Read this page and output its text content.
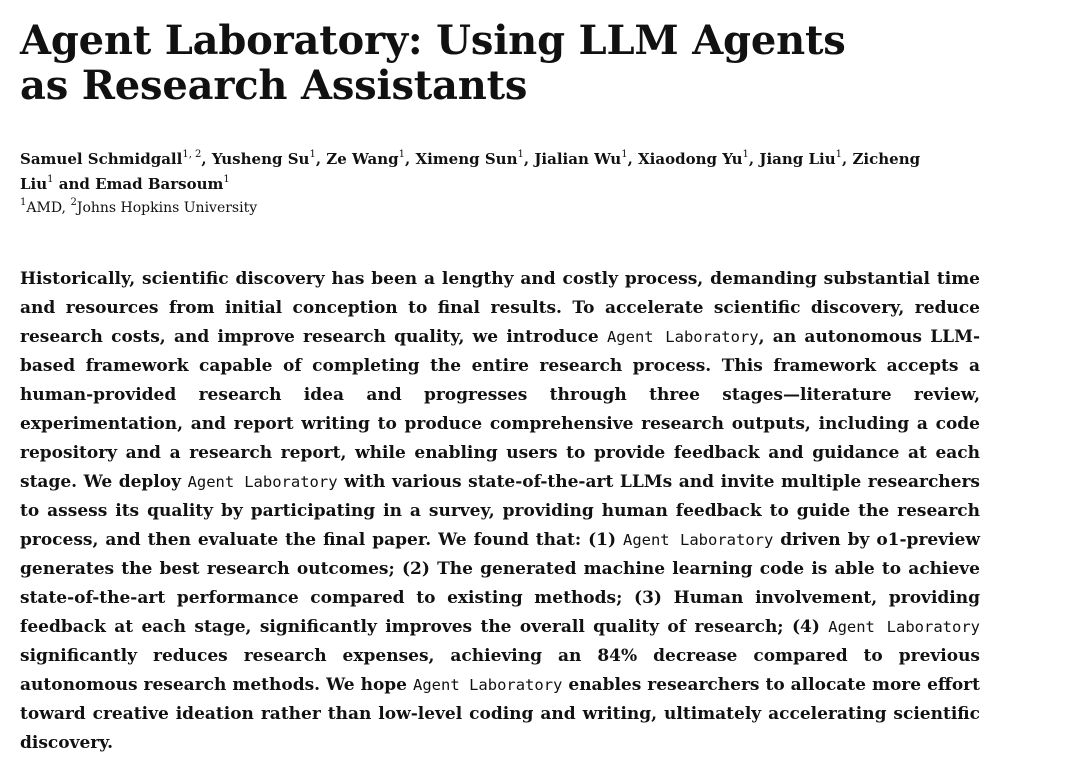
Agent Laboratory: Using LLM Agents as Research Assistants
Samuel Schmidgall$^{1, 2}$, Yusheng Su$^1$, Ze Wang$^1$, Ximeng Sun$^1$, Jialian Wu$^1$, Xiaodong Yu$^1$, Jiang Liu$^1$, Zicheng Liu$^1$ and Emad Barsoum$^1$
$^1$AMD, $^2$Johns Hopkins University

Historically, scientific discovery has been a lengthy and costly process, demanding substantial time and resources from initial conception to final results. To accelerate scientific discovery, reduce research costs, and improve research quality, we introduce Agent Laboratory, an autonomous LLM-based framework capable of completing the entire research process. This framework accepts a human-provided research idea and progresses through three stages—literature review, experimentation, and report writing to produce comprehensive research outputs, including a code repository and a research report, while enabling users to provide feedback and guidance at each stage. We deploy Agent Laboratory with various state-of-the-art LLMs and invite multiple researchers to assess its quality by participating in a survey, providing human feedback to guide the research process, and then evaluate the final paper. We found that: (1) Agent Laboratory driven by o1-preview generates the best research outcomes; (2) The generated machine learning code is able to achieve state-of-the-art performance compared to existing methods; (3) Human involvement, providing feedback at each stage, significantly improves the overall quality of research; (4) Agent Laboratory significantly reduces research expenses, achieving an 84% decrease compared to previous autonomous research methods. We hope Agent Laboratory enables researchers to allocate more effort toward creative ideation rather than low-level coding and writing, ultimately accelerating scientific discovery.
